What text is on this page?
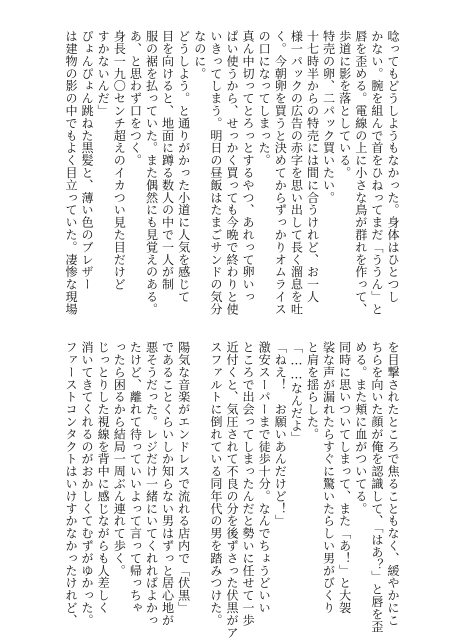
唸ってもどうしようもなかった。身体はひとつし
かない。腕を組んで首をひねってまだ「ううん」と
唇を歪める。電線の上に小さな鳥が群れを作って、
歩道に影を落としている。
特売の卵、二パック買いたい。
十七時半からの特売には間に合うけれど、お一人
様一パックの広告の赤字を思い出して長く溜息を吐
く。今朝卵を買うと決めてからずっかりオムライス
の口になってしまった。
真ん中切ってとろっとするやつ、あれって卵いっ
ぱい使うから、せっかく買っても今晩で終わりと使
いきってしまう。明日の昼飯はたまごサンドの気分
なのに。
どうしよう。と通りがかった小道に人気を感じて
目を向けると、地面に蹲る数人の中で一人が制
服の裾を払っていた。また偶然にも見覚えのある。
あ、と思わず口をつく。
身長一九〇センチ超えのイカつい見た目だけど
すかないんだ」
ぴょんぴょん跳ねた黒髪と、薄い色のブレザー
は建物の影の中でもよく目立っていた。凄惨な現場
を目撃されたところで焦ることもなく、緩やかにこ
ちらを向いた顔が俺を認識して、「はあ？」と唇を歪
める。また頬に血がついてる。
同時に思いついてしまって、また「あ！」と大袈
裟な声が漏れたらすぐに驚いたらしい男がびくり
と肩を揺らした。
「……なんだよ」
「ねえ！　お願いあんだけど！」
激安スーパーまで徒歩十分。なんでちょうどいい
ところで出会ってしまったんだと勢いに任せて一歩
近付くと、気圧されて不良の分を後ずさった伏黒がア
スファルトに倒れている同年代の男を踏みつけた。
陽気な音楽がエンドレスで流れる店内で「伏黒」
であることくらいしか知らない男はずっと居心地が
悪そうだった。レジだけ一緒にいてくれればよかっ
たけど、離れて待っていいよって言って帰っちゃ
ったら困るから結局一周ぶん連れて歩く。
じっとりした視線を背中に感じながらも人差しく
消いてきてくれるのがおかしくてむずがゆかった。
ファーストコンタクトはいけすかなかったけれど、
